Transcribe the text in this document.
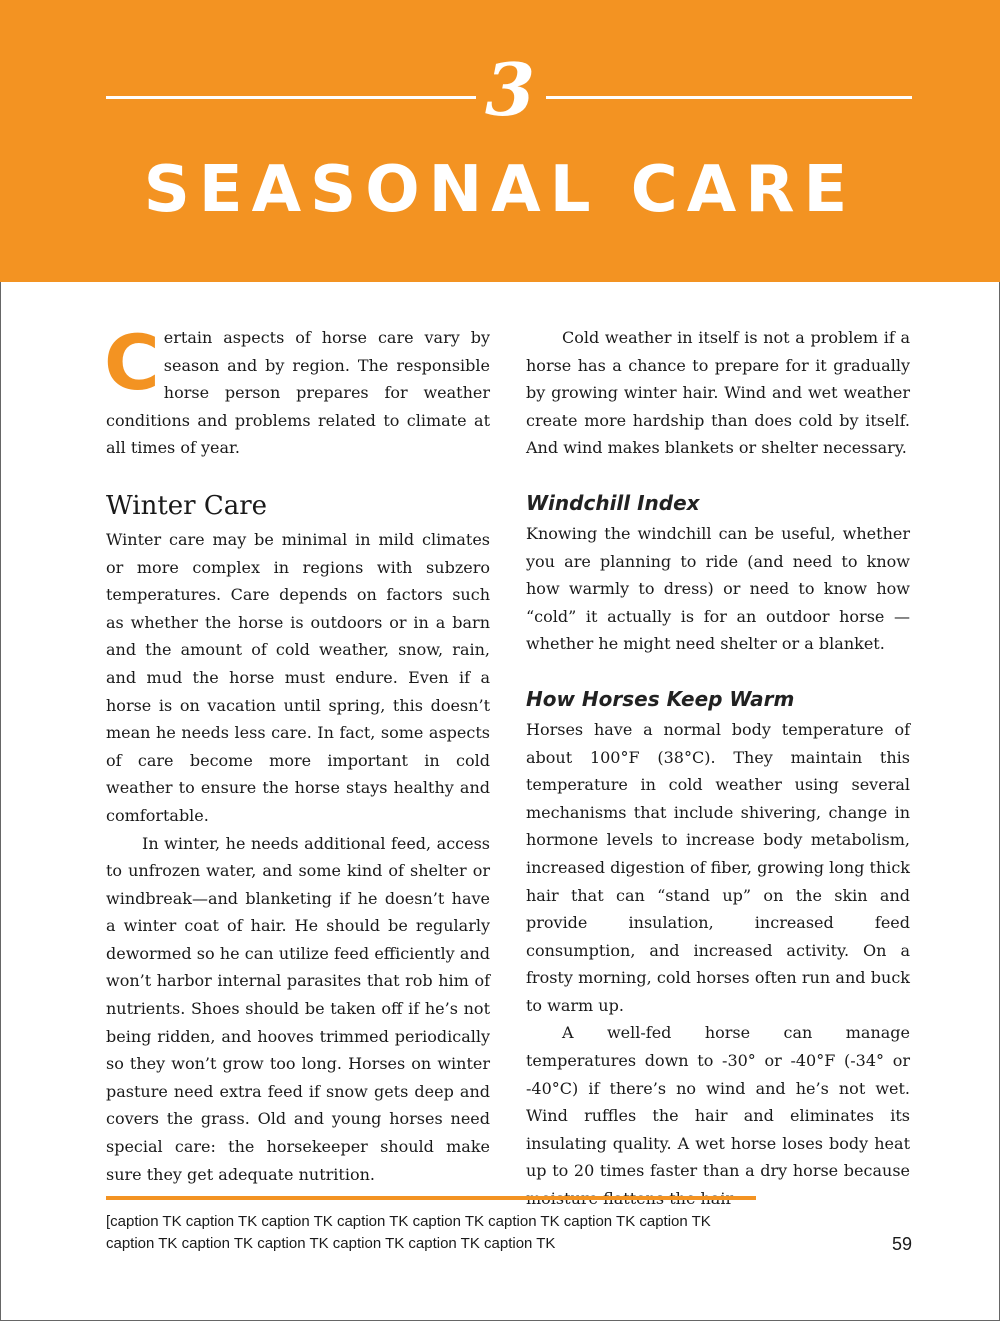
3
SEASONAL CARE

Certain aspects of horse care vary by season and by region. The responsible horse person prepares for weather conditions and problems related to climate at all times of year.

Winter Care

Winter care may be minimal in mild climates or more complex in regions with subzero temperatures. Care depends on factors such as whether the horse is outdoors or in a barn and the amount of cold weather, snow, rain, and mud the horse must endure. Even if a horse is on vacation until spring, this doesn’t mean he needs less care. In fact, some aspects of care become more important in cold weather to ensure the horse stays healthy and comfortable.

In winter, he needs additional feed, access to unfrozen water, and some kind of shelter or windbreak—and blanketing if he doesn’t have a winter coat of hair. He should be regularly dewormed so he can utilize feed efficiently and won’t harbor internal parasites that rob him of nutrients. Shoes should be taken off if he’s not being ridden, and hooves trimmed periodically so they won’t grow too long. Horses on winter pasture need extra feed if snow gets deep and covers the grass. Old and young horses need special care: the horsekeeper should make sure they get adequate nutrition.

Cold weather in itself is not a problem if a horse has a chance to prepare for it gradually by growing winter hair. Wind and wet weather create more hardship than does cold by itself. And wind makes blankets or shelter necessary.

Windchill Index

Knowing the windchill can be useful, whether you are planning to ride (and need to know how warmly to dress) or need to know how “cold” it actually is for an outdoor horse — whether he might need shelter or a blanket.

How Horses Keep Warm

Horses have a normal body temperature of about 100°F (38°C). They maintain this temperature in cold weather using several mechanisms that include shivering, change in hormone levels to increase body metabolism, increased digestion of fiber, growing long thick hair that can “stand up” on the skin and provide insulation, increased feed consumption, and increased activity. On a frosty morning, cold horses often run and buck to warm up.

A well-fed horse can manage temperatures down to -30° or -40°F (-34° or -40°C) if there’s no wind and he’s not wet. Wind ruffles the hair and eliminates its insulating quality. A wet horse loses body heat up to 20 times faster than a dry horse because

[caption TK caption TK caption TK caption TK caption TK caption TK caption TK caption TK caption TK caption TK caption TK caption TK caption TK caption TK	59
